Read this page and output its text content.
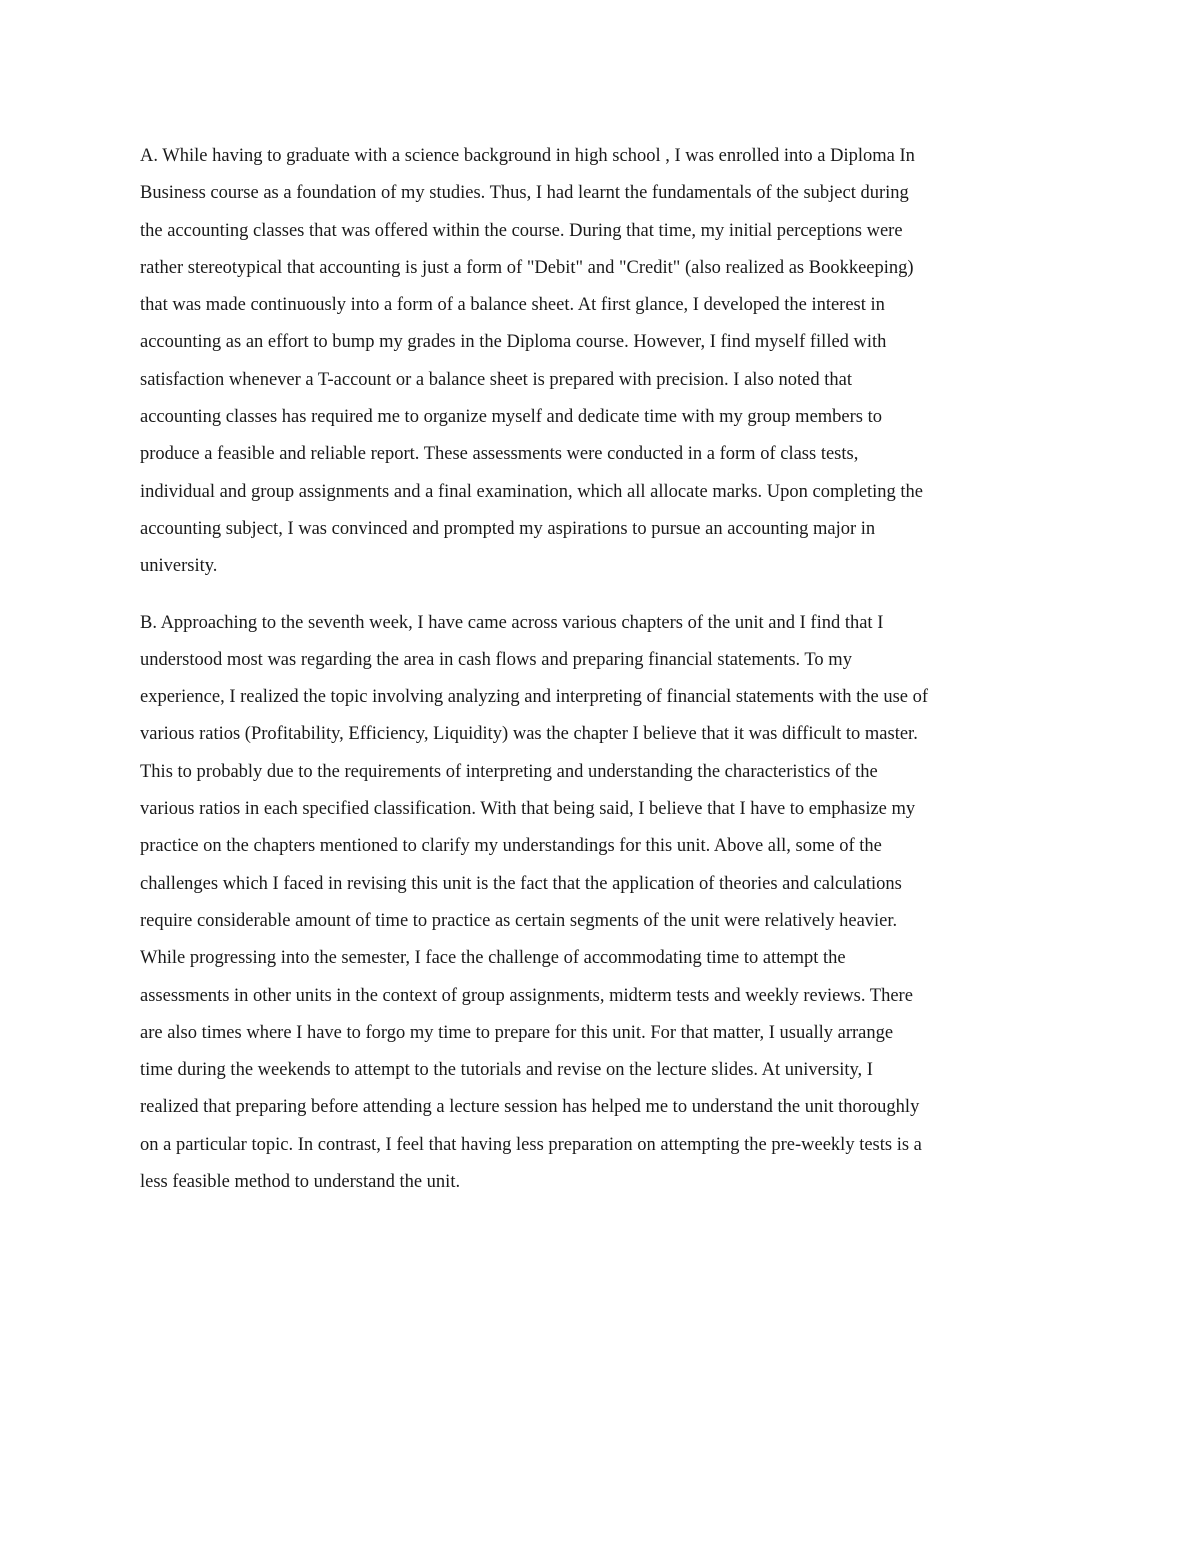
A. While having to graduate with a science background in high school , I was enrolled into a Diploma In
Business course as a foundation of my studies. Thus, I had learnt the fundamentals of the subject during
the accounting classes that was offered within the course. During that time, my initial perceptions were
rather stereotypical that accounting is just a form of "Debit" and "Credit" (also realized as Bookkeeping)
that was made continuously into a form of a balance sheet. At first glance, I developed the interest in
accounting as an effort to bump my grades in the Diploma course. However, I find myself filled with
satisfaction whenever a T-account or a balance sheet is prepared with precision. I also noted that
accounting classes has required me to organize myself and dedicate time with my group members to
produce a feasible and reliable report. These assessments were conducted in a form of class tests,
individual and group assignments and a final examination, which all allocate marks. Upon completing the
accounting subject, I was convinced and prompted my aspirations to pursue an accounting major in
university.

B. Approaching to the seventh week, I have came across various chapters of the unit and I find that I
understood most was regarding the area in cash flows and preparing financial statements. To my
experience, I realized the topic involving analyzing and interpreting of financial statements with the use of
various ratios (Profitability, Efficiency, Liquidity) was the chapter I believe that it was difficult to master.
This to probably due to the requirements of interpreting and understanding the characteristics of the
various ratios in each specified classification. With that being said, I believe that I have to emphasize my
practice on the chapters mentioned to clarify my understandings for this unit. Above all, some of the
challenges which I faced in revising this unit is the fact that the application of theories and calculations
require considerable amount of time to practice as certain segments of the unit were relatively heavier.
While progressing into the semester, I face the challenge of accommodating time to attempt the
assessments in other units in the context of group assignments, midterm tests and weekly reviews. There
are also times where I have to forgo my time to prepare for this unit. For that matter, I usually arrange
time during the weekends to attempt to the tutorials and revise on the lecture slides. At university, I
realized that preparing before attending a lecture session has helped me to understand the unit thoroughly
on a particular topic. In contrast, I feel that having less preparation on attempting the pre-weekly tests is a
less feasible method to understand the unit.
